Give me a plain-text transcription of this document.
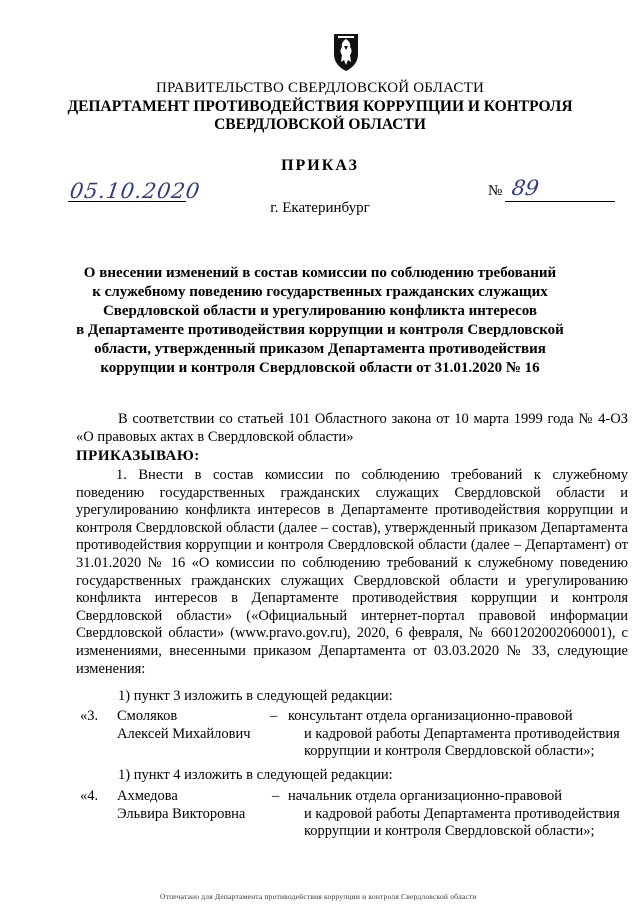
ПРАВИТЕЛЬСТВО СВЕРДЛОВСКОЙ ОБЛАСТИ
ДЕПАРТАМЕНТ ПРОТИВОДЕЙСТВИЯ КОРРУПЦИИ И КОНТРОЛЯ
СВЕРДЛОВСКОЙ ОБЛАСТИ
ПРИКАЗ
05.10.2020	№ 89
г. Екатеринбург
О внесении изменений в состав комиссии по соблюдению требований
к служебному поведению государственных гражданских служащих
Свердловской области и урегулированию конфликта интересов
в Департаменте противодействия коррупции и контроля Свердловской
области, утвержденный приказом Департамента противодействия
коррупции и контроля Свердловской области от 31.01.2020 № 16
В соответствии со статьей 101 Областного закона от 10 марта 1999 года № 4-ОЗ «О правовых актах в Свердловской области»
ПРИКАЗЫВАЮ:
1. Внести в состав комиссии по соблюдению требований к служебному поведению государственных гражданских служащих Свердловской области и урегулированию конфликта интересов в Департаменте противодействия коррупции и контроля Свердловской области (далее – состав), утвержденный приказом Департамента противодействия коррупции и контроля Свердловской области (далее – Департамент) от 31.01.2020 № 16 «О комиссии по соблюдению требований к служебному поведению государственных гражданских служащих Свердловской области и урегулированию конфликта интересов в Департаменте противодействия коррупции и контроля Свердловской области» («Официальный интернет-портал правовой информации Свердловской области» (www.pravo.gov.ru), 2020, 6 февраля, № 6601202002060001), с изменениями, внесенными приказом Департамента от 03.03.2020 № 33, следующие изменения:
1) пункт 3 изложить в следующей редакции:
«3. Смоляков
Алексей Михайлович
– консультант отдела организационно-правовой
и кадровой работы Департамента противодействия
коррупции и контроля Свердловской области»;
1) пункт 4 изложить в следующей редакции:
«4. Ахмедова
Эльвира Викторовна
– начальник отдела организационно-правовой
и кадровой работы Департамента противодействия
коррупции и контроля Свердловской области»;
Отпечатано для Департамента противодействия коррупции и контроля Свердловской области
